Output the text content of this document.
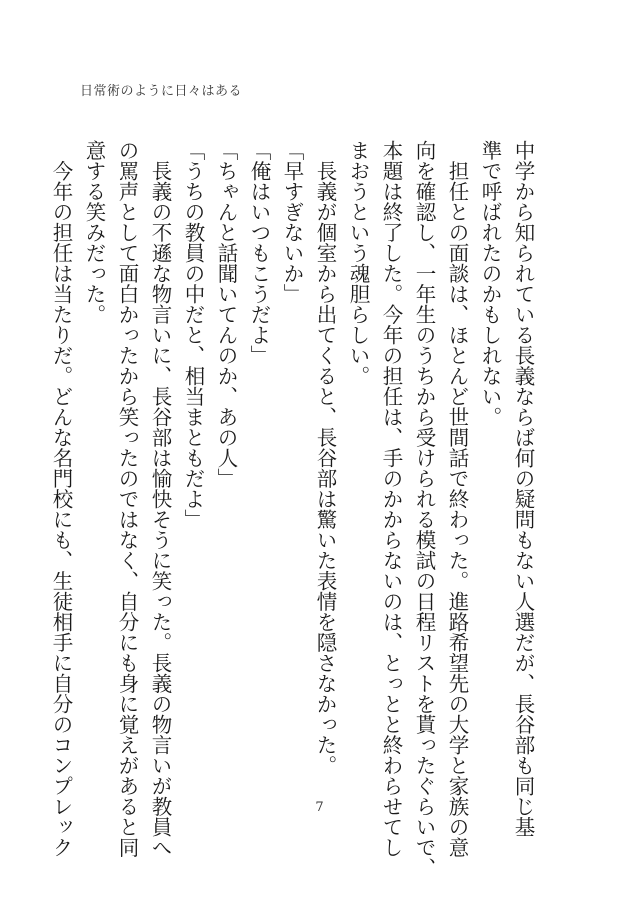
日常術のように日々はある
中学から知られている長義ならば何の疑問もない人選だが、長谷部も同じ基
準で呼ばれたのかもしれない。
　担任との面談は、ほとんど世間話で終わった。進路希望先の大学と家族の意
向を確認し、一年生のうちから受けられる模試の日程リストを貰ったぐらいで、
本題は終了した。今年の担任は、手のかからないのは、とっとと終わらせてし
まおうという魂胆らしい。
　長義が個室から出てくると、長谷部は驚いた表情を隠さなかった。
「早すぎないか」
「俺はいつもこうだよ」
「ちゃんと話聞いてんのか、あの人」
「うちの教員の中だと、相当まともだよ」
　長義の不遜な物言いに、長谷部は愉快そうに笑った。長義の物言いが教員へ
の罵声として面白かったから笑ったのではなく、自分にも身に覚えがあると同
意する笑みだった。
　今年の担任は当たりだ。どんな名門校にも、生徒相手に自分のコンプレック	7
